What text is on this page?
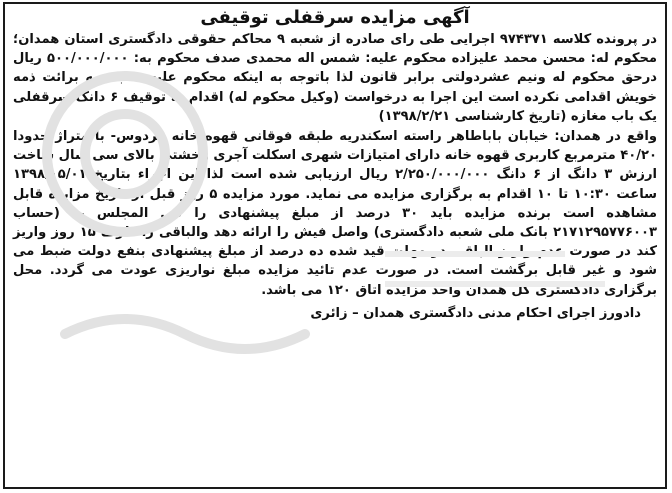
آگهی مزایده سرقفلی توقیفی

در پرونده کلاسه ۹۷۴۳۷۱ اجرایی طی رای صادره از شعبه ۹ محاکم حقوقی دادگستری استان همدان؛ محکوم له: محسن محمد علیزاده محکوم علیه: شمس اله محمدی صدف محکوم به: ۵۰۰/۰۰۰/۰۰۰ ریال درحق محکوم له ونیم عشردولتی برابر قانون لذا باتوجه به اینکه محکوم علیه نسبت به برائت ذمه خویش اقدامی نکرده است این اجرا به درخواست (وکیل محکوم له) اقدام به توقیف ۶ دانگ سرقفلی یک باب مغازه (تاریخ کارشناسی ۱۳۹۸/۲/۲۱)

واقع در همدان: خیابان باباطاهر راسته اسکندریه طبقه فوقانی قهوه خانه فردوس- با متراژ حدودا ۴۰/۲۰ مترمربع کاربری قهوه خانه دارای امتیازات شهری اسکلت آجری وخشتی بالای سی سال ساخت ارزش ۳ دانگ از ۶ دانگ ۲/۲۵۰/۰۰۰/۰۰۰ ریال ارزیابی شده است لذا این اجراء بتاریخ ۱۳۹۸/۰۵/۰۱ ساعت ۱۰:۳۰ تا ۱۰ اقدام به برگزاری مزایده می نماید. مورد مزایده ۵ روز قبل از تاریخ مزایده قابل مشاهده است برنده مزایده باید ۳۰ درصد از مبلغ پیشنهادی را فی المجلس به (حساب ۲۱۷۱۲۹۵۷۷۶۰۰۳ بانک ملی شعبه دادگستری) واصل فیش را ارائه دهد والباقی را ظرف ۱۵ روز واریز کند در صورت عدم واریز الباقی در مهلت قید شده ده درصد از مبلغ پیشنهادی بنفع دولت ضبط می شود و غیر قابل برگشت است. در صورت عدم تائید مزایده مبلغ نواریزی عودت می گردد. محل برگزاری دادگستری کل همدان واحد مزایده اتاق ۱۲۰ می باشد.

دادورز اجرای احکام مدنی دادگستری همدان – زائری
